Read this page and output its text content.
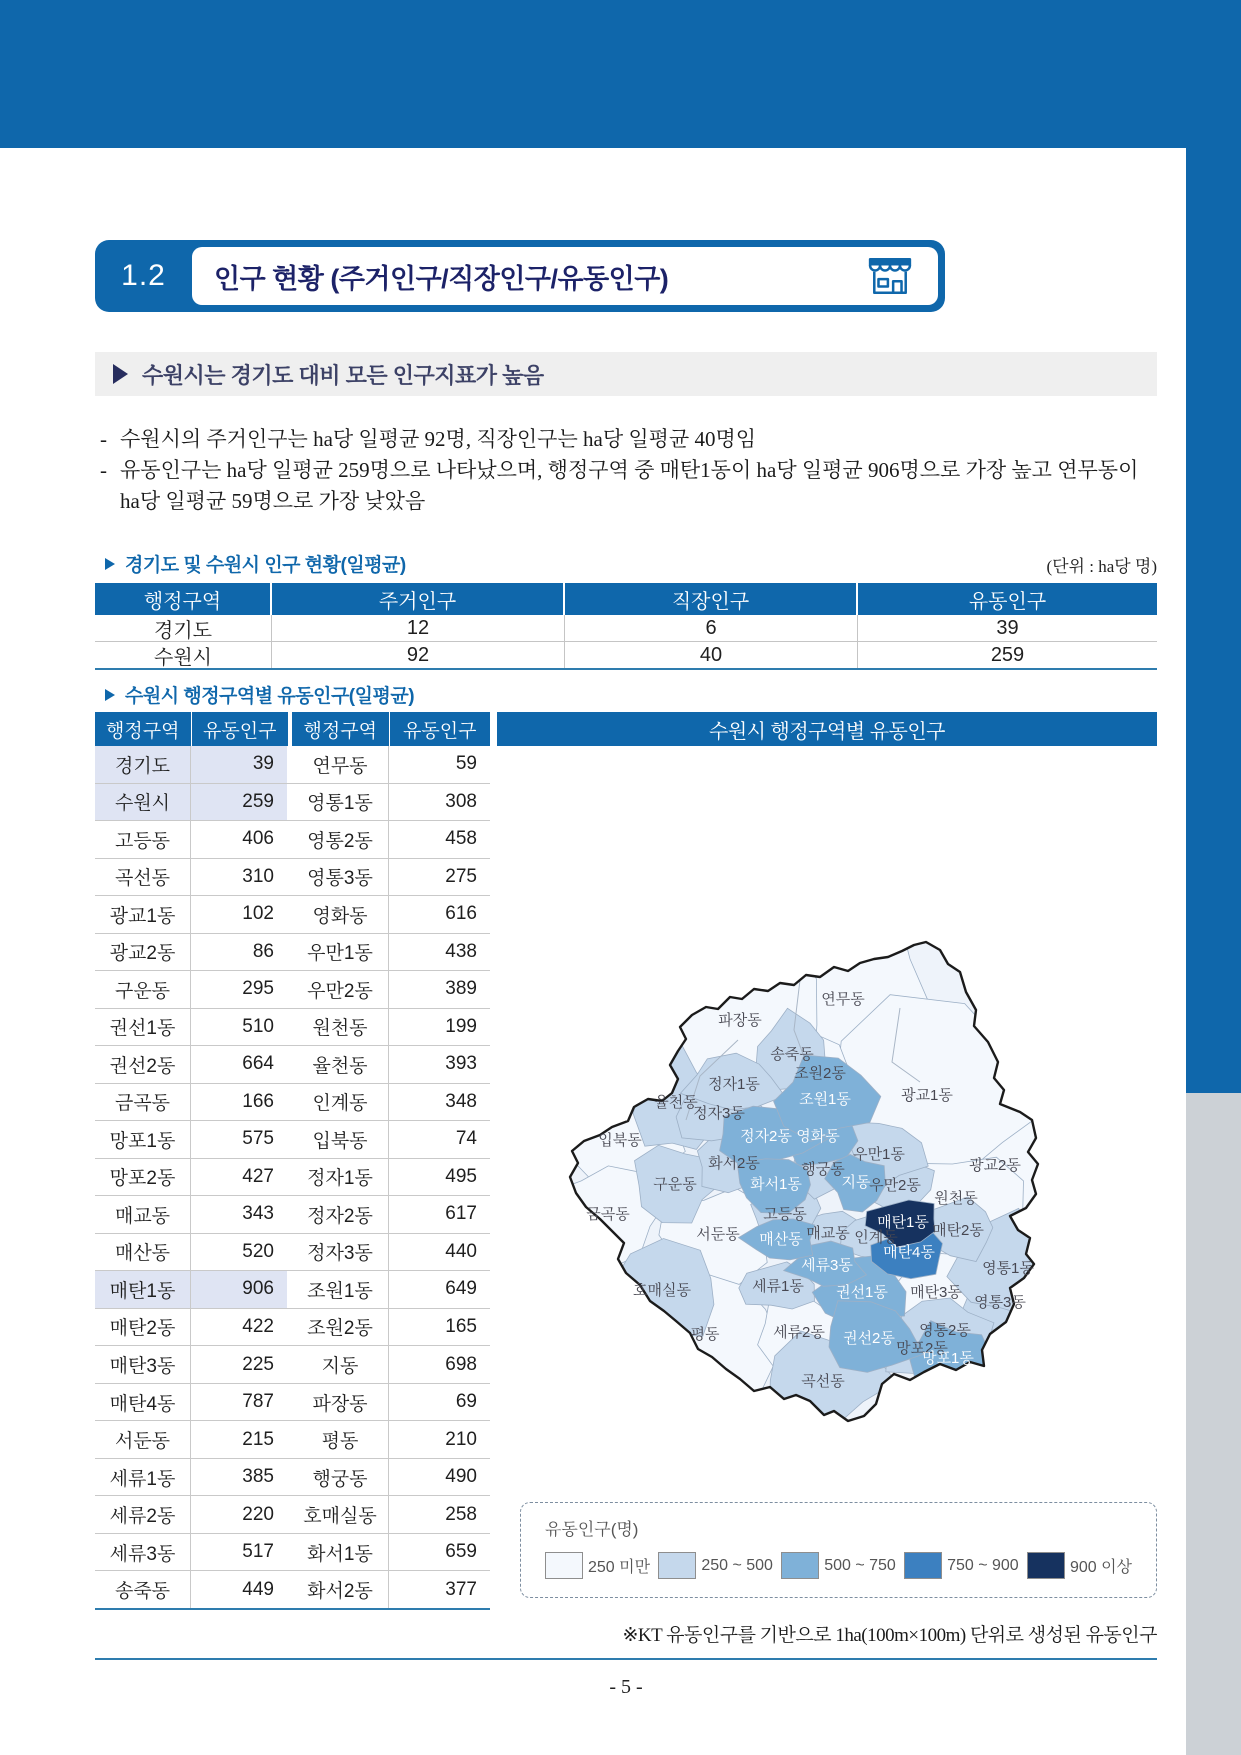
1.2	인구 현황 (주거인구/직장인구/유동인구)
수원시는 경기도 대비 모든 인구지표가 높음
- 수원시의 주거인구는 ha당 일평균 92명, 직장인구는 ha당 일평균 40명임
- 유동인구는 ha당 일평균 259명으로 나타났으며, 행정구역 중 매탄1동이 ha당 일평균 906명으로 가장 높고 연무동이 ha당 일평균 59명으로 가장 낮았음
경기도 및 수원시 인구 현황(일평균)	(단위 : ha당 명)
행정구역	주거인구	직장인구	유동인구
경기도	12	6	39
수원시	92	40	259
수원시 행정구역별 유동인구(일평균)
행정구역	유동인구	행정구역	유동인구
경기도	39	연무동	59
수원시	259	영통1동	308
고등동	406	영통2동	458
곡선동	310	영통3동	275
광교1동	102	영화동	616
광교2동	86	우만1동	438
구운동	295	우만2동	389
권선1동	510	원천동	199
권선2동	664	율천동	393
금곡동	166	인계동	348
망포1동	575	입북동	74
망포2동	427	정자1동	495
매교동	343	정자2동	617
매산동	520	정자3동	440
매탄1동	906	조원1동	649
매탄2동	422	조원2동	165
매탄3동	225	지동	698
매탄4동	787	파장동	69
서둔동	215	평동	210
세류1동	385	행궁동	490
세류2동	220	호매실동	258
세류3동	517	화서1동	659
송죽동	449	화서2동	377
수원시 행정구역별 유동인구
파장동
연무동
송죽동
조원2동
정자1동
율천동
정자3동
조원1동	광교1동
정자2동 영화동
입북동
우만1동
광교2동
화서2동	행궁동
구운동	화서1동	지동
우만2동
원천동
금곡동	고등동	매탄1동 매탄2동
서둔동 매산동 매교동 인계동
매탄4동
호매실동
세류3동	영통1동
세류1동 권선1동 매탄3동
영통3동
평동	세류2동 권선2동 영통2동
망포2동
망포1동
곡선동
유동인구(명)
250 미만	250 ~ 500	500 ~ 750	750 ~ 900	900 이상
※KT 유동인구를 기반으로 1ha(100m×100m) 단위로 생성된 유동인구
- 5 -
